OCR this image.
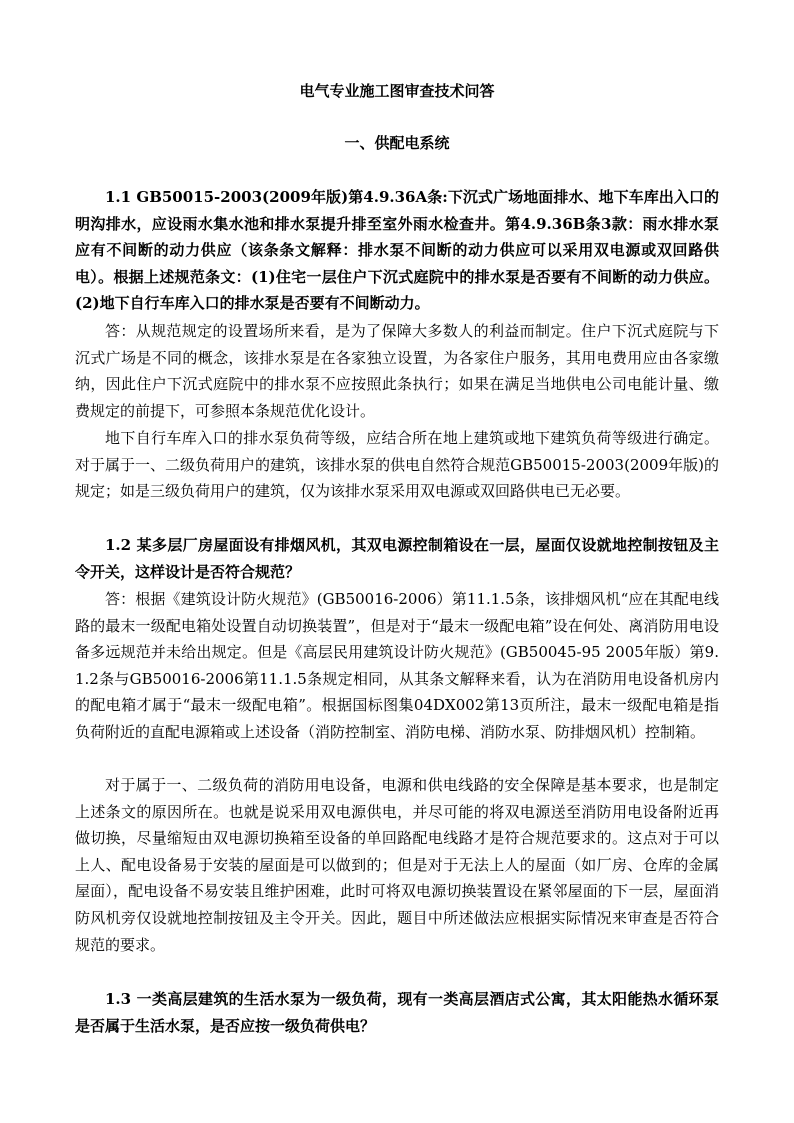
电气专业施工图审查技术问答
一、供配电系统

1.1 GB50015-2003(2009年版)第4.9.36A条:下沉式广场地面排水、地下车库出入口的明沟排水，应设雨水集水池和排水泵提升排至室外雨水检查井。第4.9.36B条3款：雨水排水泵应有不间断的动力供应（该条条文解释：排水泵不间断的动力供应可以采用双电源或双回路供电）。根据上述规范条文：(1)住宅一层住户下沉式庭院中的排水泵是否要有不间断的动力供应。(2)地下自行车库入口的排水泵是否要有不间断动力。

答：从规范规定的设置场所来看，是为了保障大多数人的利益而制定。住户下沉式庭院与下沉式广场是不同的概念，该排水泵是在各家独立设置，为各家住户服务，其用电费用应由各家缴纳，因此住户下沉式庭院中的排水泵不应按照此条执行；如果在满足当地供电公司电能计量、缴费规定的前提下，可参照本条规范优化设计。

地下自行车库入口的排水泵负荷等级，应结合所在地上建筑或地下建筑负荷等级进行确定。对于属于一、二级负荷用户的建筑，该排水泵的供电自然符合规范GB50015-2003(2009年版)的规定；如是三级负荷用户的建筑，仅为该排水泵采用双电源或双回路供电已无必要。

1.2 某多层厂房屋面设有排烟风机，其双电源控制箱设在一层，屋面仅设就地控制按钮及主令开关，这样设计是否符合规范？

答：根据《建筑设计防火规范》(GB50016-2006）第11.1.5条，该排烟风机“应在其配电线路的最末一级配电箱处设置自动切换装置”，但是对于“最末一级配电箱”设在何处、离消防用电设备多远规范并未给出规定。但是《高层民用建筑设计防火规范》(GB50045-95 2005年版）第9.1.2条与GB50016-2006第11.1.5条规定相同，从其条文解释来看，认为在消防用电设备机房内的配电箱才属于“最末一级配电箱”。根据国标图集04DX002第13页所注，最末一级配电箱是指负荷附近的直配电源箱或上述设备（消防控制室、消防电梯、消防水泵、防排烟风机）控制箱。

对于属于一、二级负荷的消防用电设备，电源和供电线路的安全保障是基本要求，也是制定上述条文的原因所在。也就是说采用双电源供电，并尽可能的将双电源送至消防用电设备附近再做切换，尽量缩短由双电源切换箱至设备的单回路配电线路才是符合规范要求的。这点对于可以上人、配电设备易于安装的屋面是可以做到的；但是对于无法上人的屋面（如厂房、仓库的金属屋面），配电设备不易安装且维护困难，此时可将双电源切换装置设在紧邻屋面的下一层，屋面消防风机旁仅设就地控制按钮及主令开关。因此，题目中所述做法应根据实际情况来审查是否符合规范的要求。

1.3 一类高层建筑的生活水泵为一级负荷，现有一类高层酒店式公寓，其太阳能热水循环泵是否属于生活水泵，是否应按一级负荷供电？
